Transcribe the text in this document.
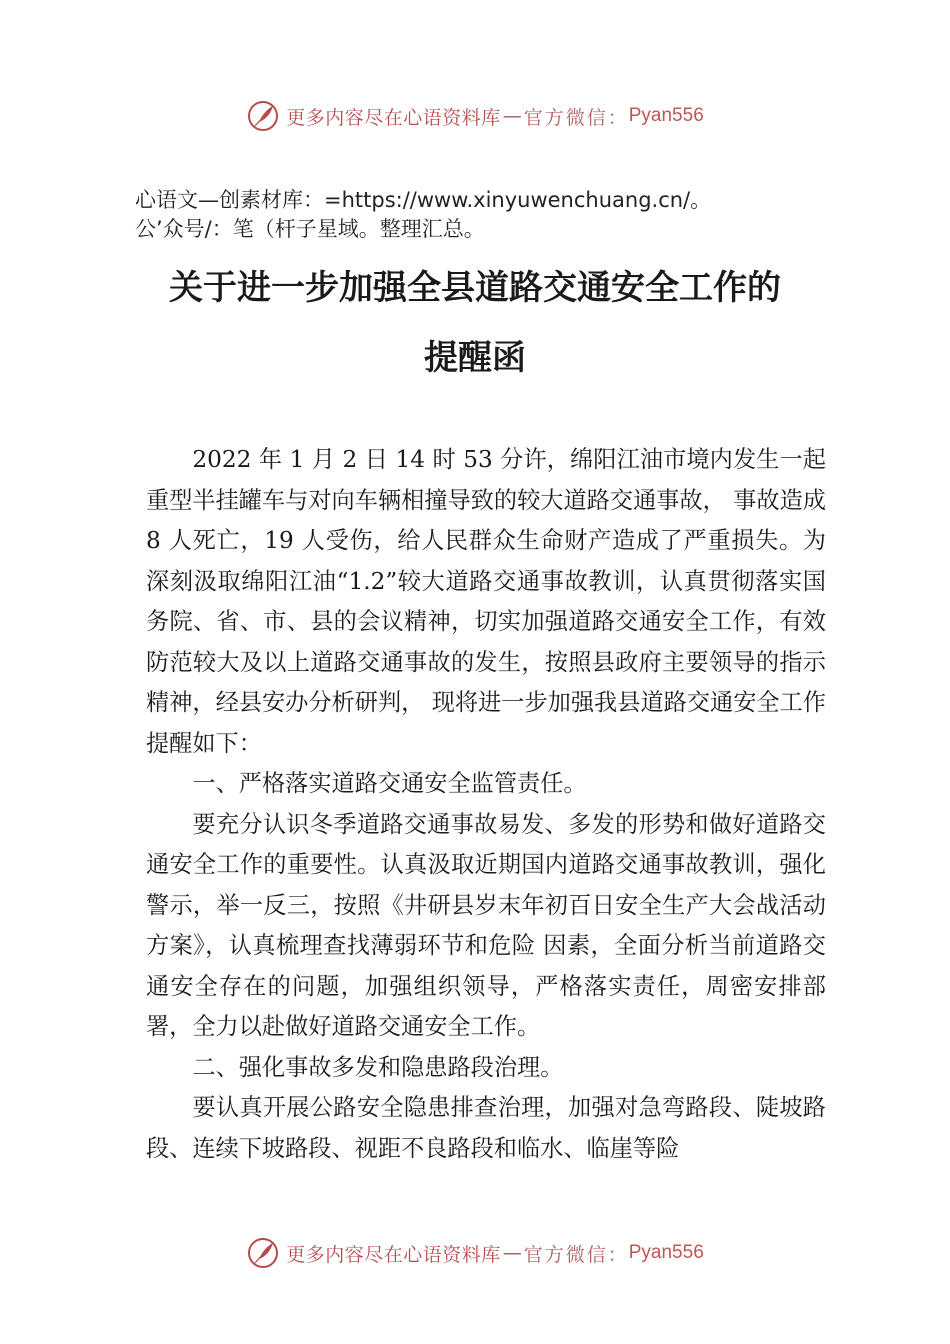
更多内容尽在心语资料库 — 官方微信： Pyan556
心语文—创素材库：=https://www.xinyuwenchuang.cn/。
公’众号/：笔（杆子星域。整理汇总。
关于进一步加强全县道路交通安全工作的
提醒函

2022 年 1 月 2 日 14 时 53 分许，绵阳江油市境内发生一起重型半挂罐车与对向车辆相撞导致的较大道路交通事故， 事故造成 8 人死亡，19 人受伤，给人民群众生命财产造成了严重损失。为深刻汲取绵阳江油“1.2”较大道路交通事故教训，认真贯彻落实国务院、省、市、县的会议精神，切实加强道路交通安全工作，有效防范较大及以上道路交通事故的发生，按照县政府主要领导的指示精神，经县安办分析研判， 现将进一步加强我县道路交通安全工作提醒如下：

一、严格落实道路交通安全监管责任。

要充分认识冬季道路交通事故易发、多发的形势和做好道路交通安全工作的重要性。认真汲取近期国内道路交通事故教训，强化警示，举一反三，按照《井研县岁末年初百日安全生产大会战活动方案》，认真梳理查找薄弱环节和危险 因素，全面分析当前道路交通安全存在的问题，加强组织领导，严格落实责任，周密安排部署，全力以赴做好道路交通安全工作。

二、强化事故多发和隐患路段治理。

要认真开展公路安全隐患排查治理，加强对急弯路段、陡坡路段、连续下坡路段、视距不良路段和临水、临崖等险

更多内容尽在心语资料库 — 官方微信： Pyan556
